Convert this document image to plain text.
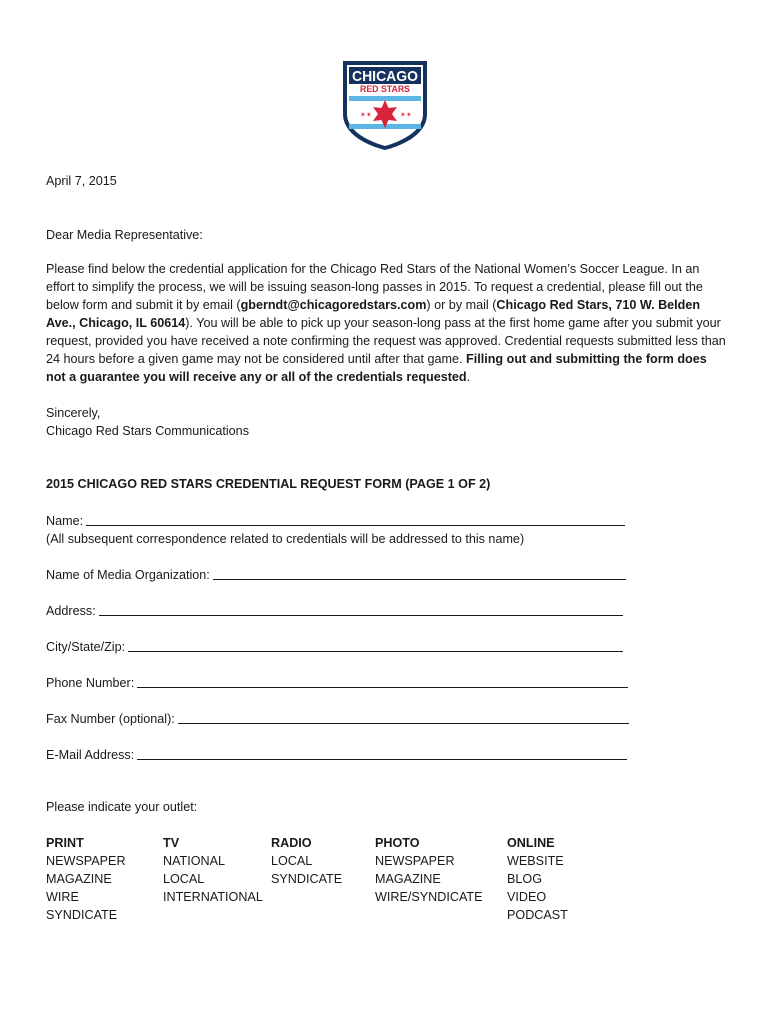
CHICAGO
RED STARS
✶✶	✶✶
April 7, 2015
Dear Media Representative:
Please find below the credential application for the Chicago Red Stars of the National Women’s Soccer League. In an effort to simplify the process, we will be issuing season-long passes in 2015. To request a credential, please fill out the below form and submit it by email (gberndt@chicagoredstars.com) or by mail (Chicago Red Stars, 710 W. Belden Ave., Chicago, IL 60614). You will be able to pick up your season-long pass at the first home game after you submit your request, provided you have received a note confirming the request was approved. Credential requests submitted less than 24 hours before a given game may not be considered until after that game. Filling out and submitting the form does not a guarantee you will receive any or all of the credentials requested.
Sincerely,
Chicago Red Stars Communications
2015 CHICAGO RED STARS CREDENTIAL REQUEST FORM (PAGE 1 OF 2)
Name:
(All subsequent correspondence related to credentials will be addressed to this name)
Name of Media Organization:
Address:
City/State/Zip:
Phone Number:
Fax Number (optional):
E-Mail Address:
Please indicate your outlet:
PRINT
NEWSPAPER
MAGAZINE
WIRE
SYNDICATE
TV
NATIONAL
LOCAL
INTERNATIONAL
RADIO
LOCAL
SYNDICATE
PHOTO
NEWSPAPER
MAGAZINE
WIRE/SYNDICATE
ONLINE
WEBSITE
BLOG
VIDEO
PODCAST
